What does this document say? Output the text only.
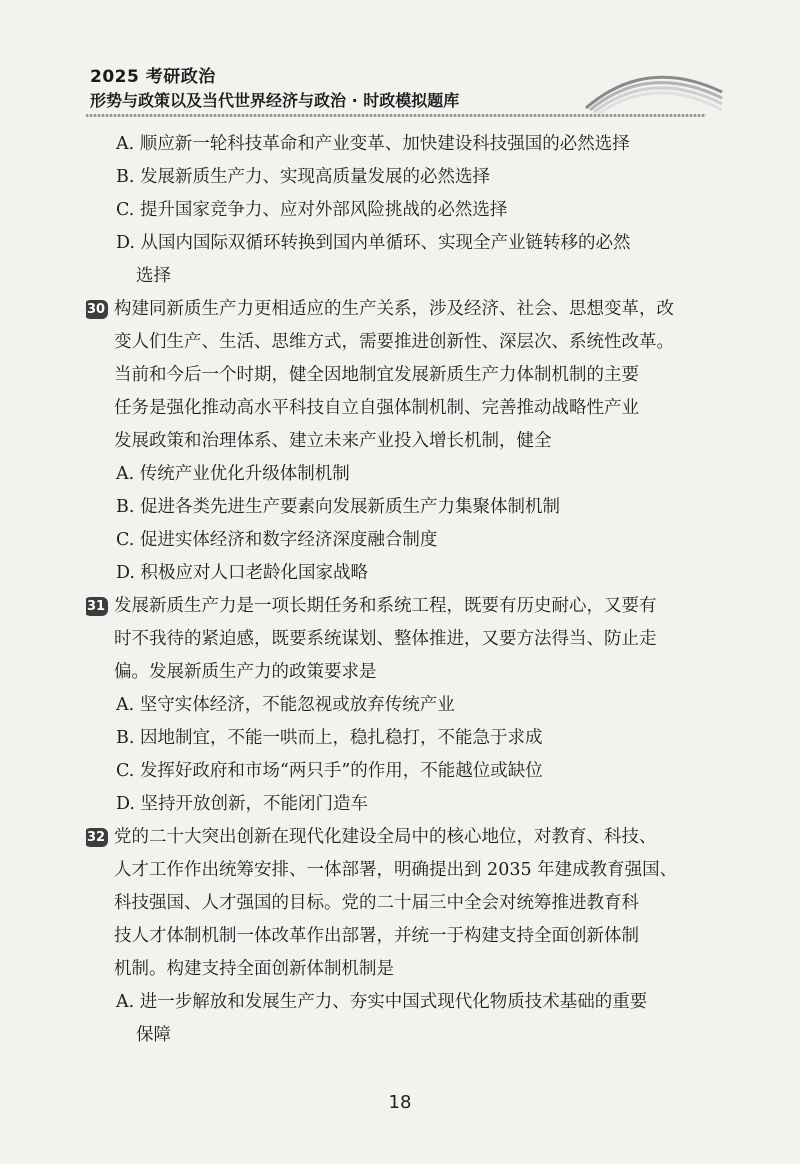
2025 考研政治
形势与政策以及当代世界经济与政治 · 时政模拟题库
A. 顺应新一轮科技革命和产业变革、加快建设科技强国的必然选择
B. 发展新质生产力、实现高质量发展的必然选择
C. 提升国家竞争力、应对外部风险挑战的必然选择
D. 从国内国际双循环转换到国内单循环、实现全产业链转移的必然
选择
30 构建同新质生产力更相适应的生产关系，涉及经济、社会、思想变革，改
变人们生产、生活、思维方式，需要推进创新性、深层次、系统性改革。
当前和今后一个时期，健全因地制宜发展新质生产力体制机制的主要
任务是强化推动高水平科技自立自强体制机制、完善推动战略性产业
发展政策和治理体系、建立未来产业投入增长机制，健全
A. 传统产业优化升级体制机制
B. 促进各类先进生产要素向发展新质生产力集聚体制机制
C. 促进实体经济和数字经济深度融合制度
D. 积极应对人口老龄化国家战略
31 发展新质生产力是一项长期任务和系统工程，既要有历史耐心，又要有
时不我待的紧迫感，既要系统谋划、整体推进，又要方法得当、防止走
偏。发展新质生产力的政策要求是
A. 坚守实体经济，不能忽视或放弃传统产业
B. 因地制宜，不能一哄而上，稳扎稳打，不能急于求成
C. 发挥好政府和市场“两只手”的作用，不能越位或缺位
D. 坚持开放创新，不能闭门造车
32 党的二十大突出创新在现代化建设全局中的核心地位，对教育、科技、
人才工作作出统筹安排、一体部署，明确提出到 2035 年建成教育强国、
科技强国、人才强国的目标。党的二十届三中全会对统筹推进教育科
技人才体制机制一体改革作出部署，并统一于构建支持全面创新体制
机制。构建支持全面创新体制机制是
A. 进一步解放和发展生产力、夯实中国式现代化物质技术基础的重要
保障
18
